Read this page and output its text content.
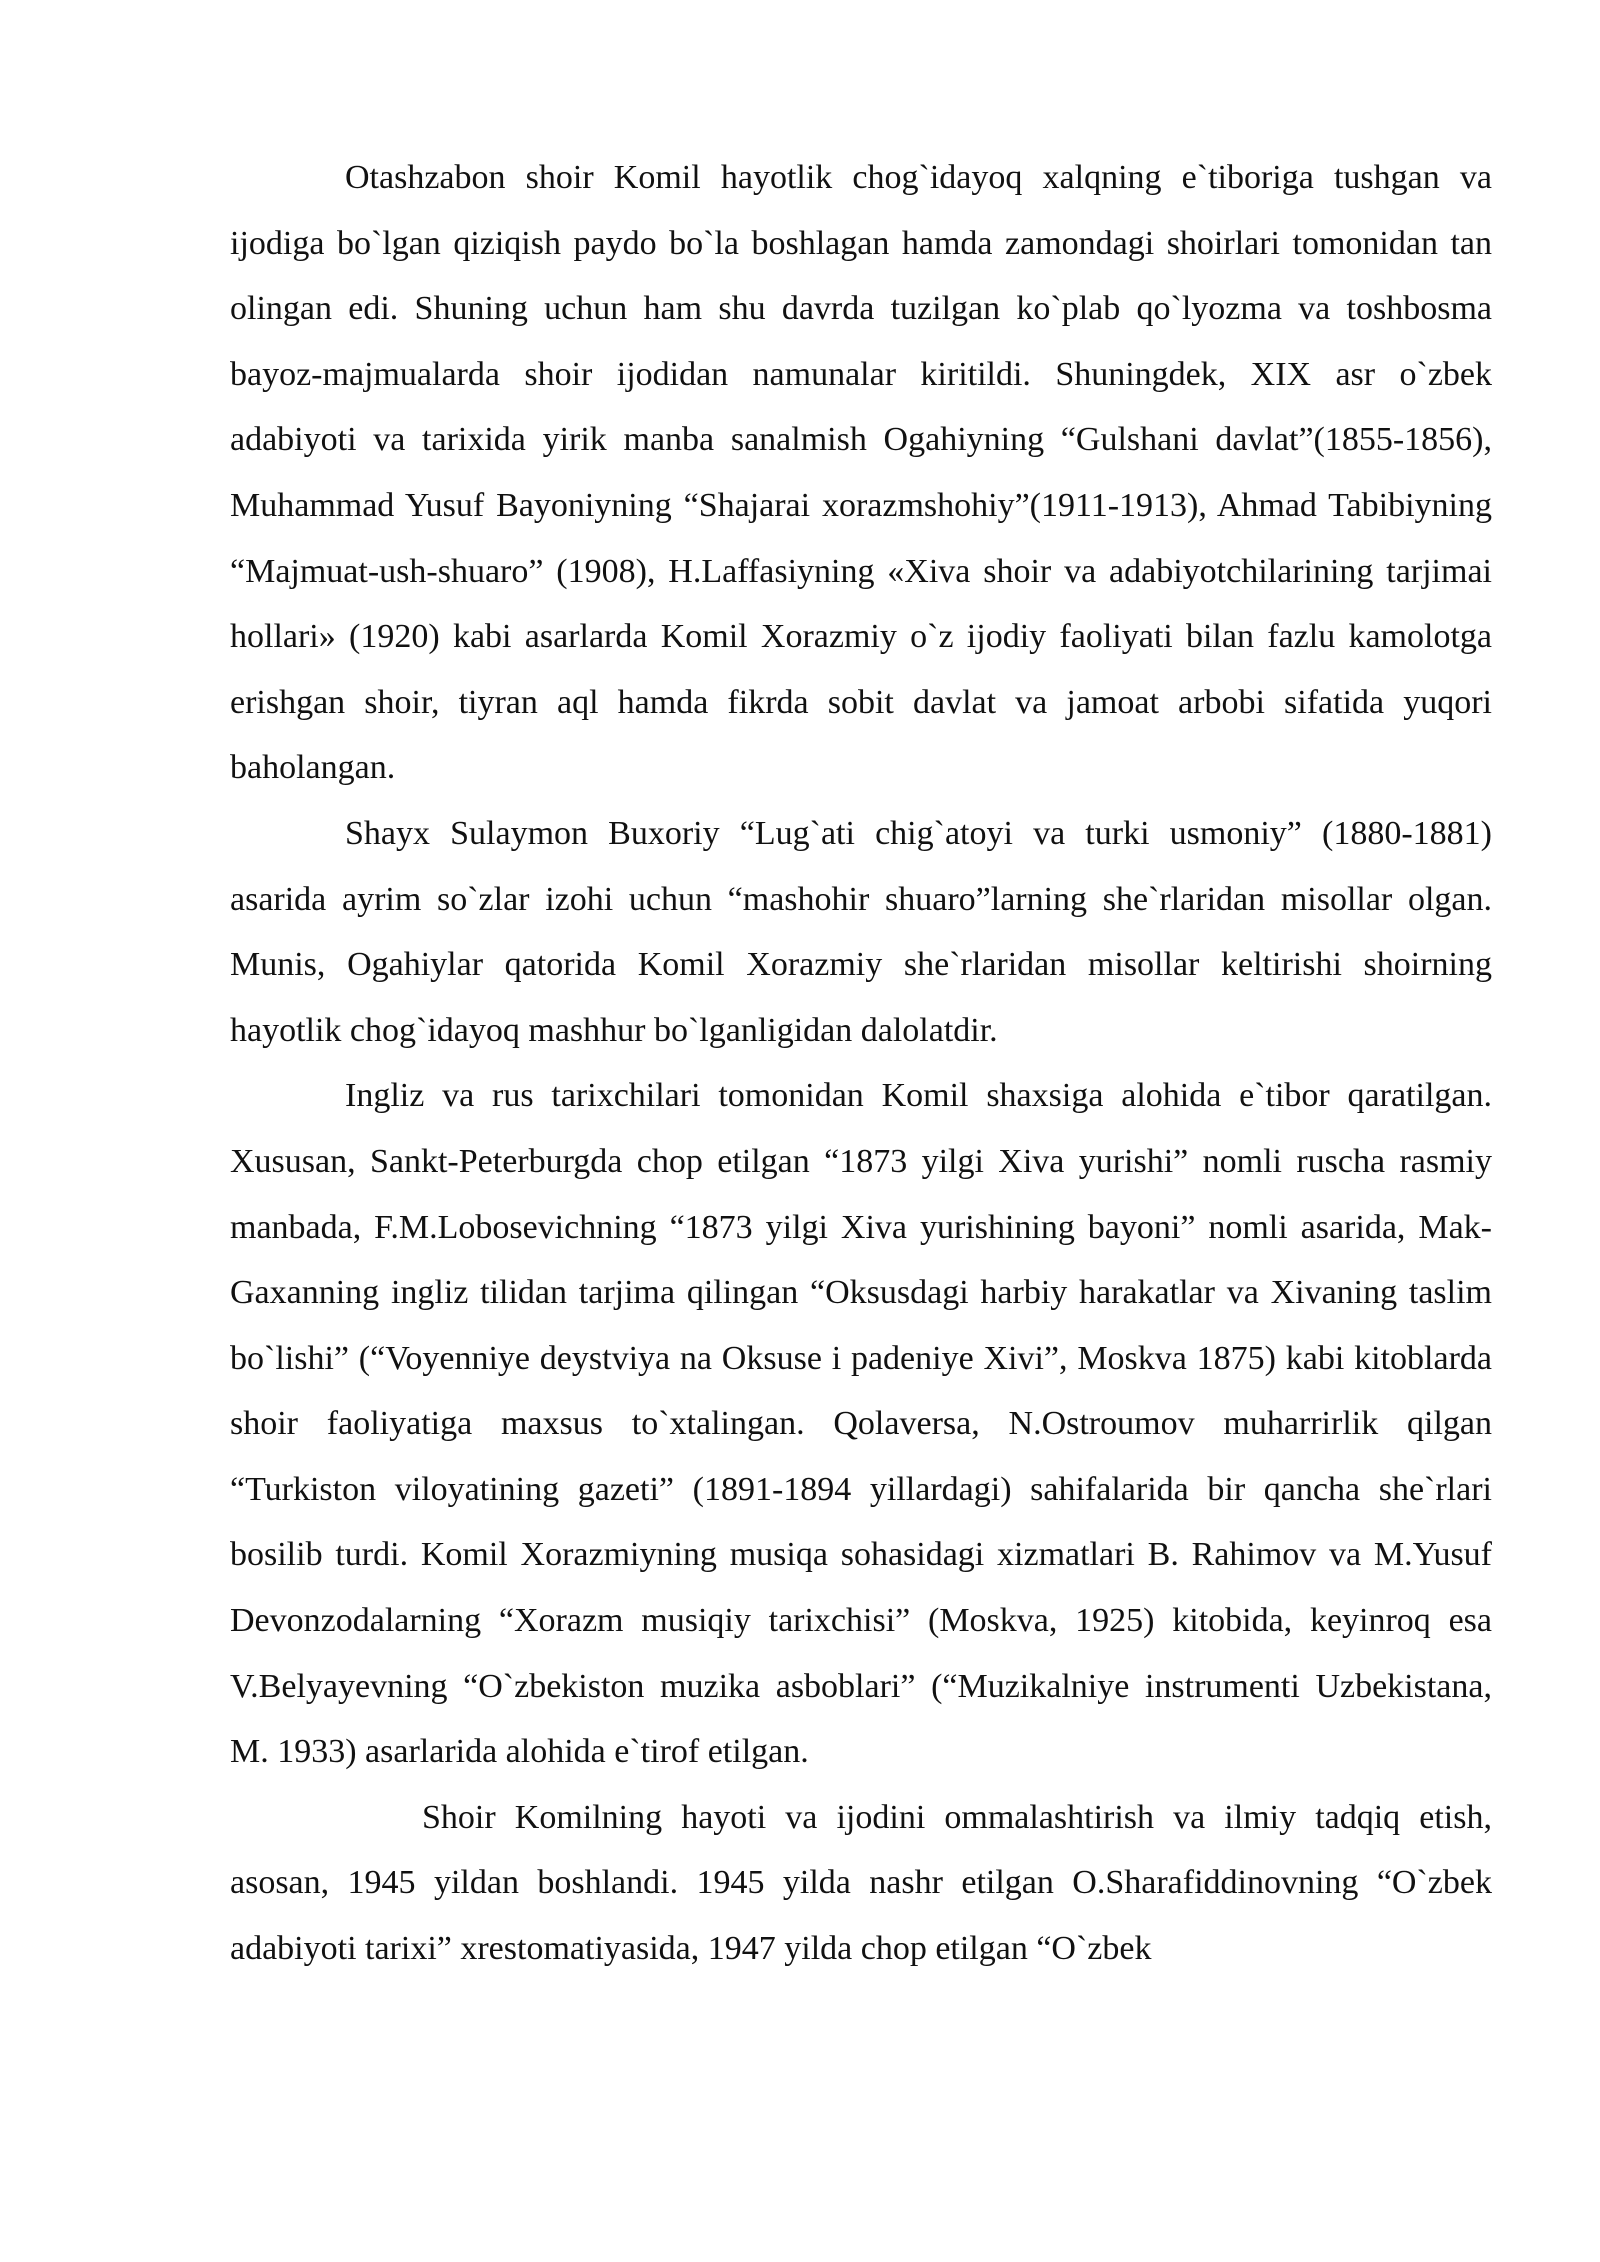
Otashzabon shoir Komil hayotlik chog`idayoq xalqning e`tiboriga tushgan va ijodiga bo`lgan qiziqish paydo bo`la boshlagan hamda zamondagi shoirlari tomonidan tan olingan edi. Shuning uchun ham shu davrda tuzilgan ko`plab qo`lyozma va toshbosma bayoz-majmualarda shoir ijodidan namunalar kiritildi. Shuningdek, XIX asr o`zbek adabiyoti va tarixida yirik manba sanalmish Ogahiyning “Gulshani davlat”(1855-1856), Muhammad Yusuf Bayoniyning “Shajarai xorazmshohiy”(1911-1913), Ahmad Tabibiyning “Majmuat-ush-shuaro” (1908), H.Laffasiyning «Xiva shoir va adabiyotchilarining tarjimai hollari» (1920) kabi asarlarda Komil Xorazmiy o`z ijodiy faoliyati bilan fazlu kamolotga erishgan shoir, tiyran aql hamda fikrda sobit davlat va jamoat arbobi sifatida yuqori baholangan.

Shayx Sulaymon Buxoriy “Lug`ati chig`atoyi va turki usmoniy” (1880-1881) asarida ayrim so`zlar izohi uchun “mashohir shuaro”larning she`rlaridan misollar olgan. Munis, Ogahiylar qatorida Komil Xorazmiy she`rlaridan misollar keltirishi shoirning hayotlik chog`idayoq mashhur bo`lganligidan dalolatdir.

Ingliz va rus tarixchilari tomonidan Komil shaxsiga alohida e`tibor qaratilgan. Xususan, Sankt-Peterburgda chop etilgan “1873 yilgi Xiva yurishi” nomli ruscha rasmiy manbada, F.M.Lobosevichning “1873 yilgi Xiva yurishining bayoni” nomli asarida, Mak-Gaxanning ingliz tilidan tarjima qilingan “Oksusdagi harbiy harakatlar va Xivaning taslim bo`lishi” (“Voyenniye deystviya na Oksuse i padeniye Xivi”, Moskva 1875) kabi kitoblarda shoir faoliyatiga maxsus to`xtalingan. Qolaversa, N.Ostroumov muharrirlik qilgan “Turkiston viloyatining gazeti” (1891-1894 yillardagi) sahifalarida bir qancha she`rlari bosilib turdi. Komil Xorazmiyning musiqa sohasidagi xizmatlari B. Rahimov va M.Yusuf Devonzodalarning “Xorazm musiqiy tarixchisi” (Moskva, 1925) kitobida, keyinroq esa V.Belyayevning “O`zbekiston muzika asboblari” (“Muzikalniye instrumenti Uzbekistana, M. 1933) asarlarida alohida e`tirof etilgan.

Shoir Komilning hayoti va ijodini ommalashtirish va ilmiy tadqiq etish, asosan, 1945 yildan boshlandi. 1945 yilda nashr etilgan O.Sharafiddinovning “O`zbek adabiyoti tarixi” xrestomatiyasida, 1947 yilda chop etilgan “O`zbek
